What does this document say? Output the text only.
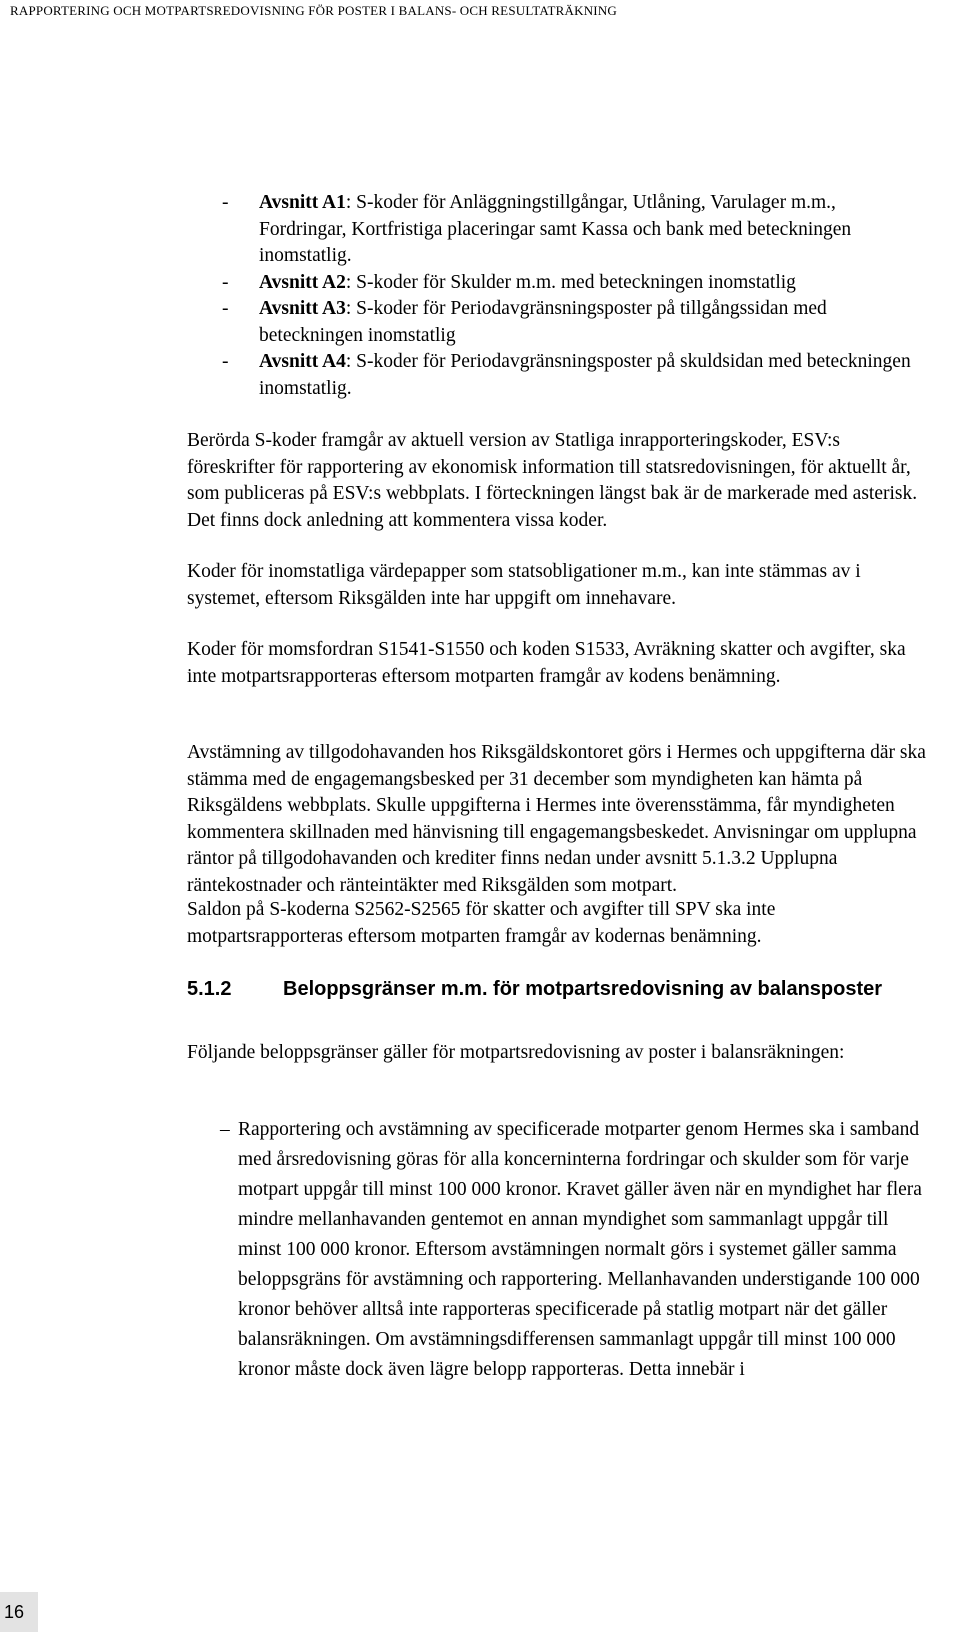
RAPPORTERING OCH MOTPARTSREDOVISNING FÖR POSTER I BALANS- OCH RESULTATRÄKNING

- Avsnitt A1: S-koder för Anläggningstillgångar, Utlåning, Varulager m.m., Fordringar, Kortfristiga placeringar samt Kassa och bank med beteckningen inomstatlig.

- Avsnitt A2: S-koder för Skulder m.m. med beteckningen inomstatlig

- Avsnitt A3: S-koder för Periodavgränsningsposter på tillgångssidan med beteckningen inomstatlig

- Avsnitt A4: S-koder för Periodavgränsningsposter på skuldsidan med beteckningen inomstatlig.

Berörda S-koder framgår av aktuell version av Statliga inrapporteringskoder, ESV:s föreskrifter för rapportering av ekonomisk information till statsredovisningen, för aktuellt år, som publiceras på ESV:s webbplats. I förteckningen längst bak är de markerade med asterisk. Det finns dock anledning att kommentera vissa koder.

Koder för inomstatliga värdepapper som statsobligationer m.m., kan inte stämmas av i systemet, eftersom Riksgälden inte har uppgift om innehavare.

Koder för momsfordran S1541-S1550 och koden S1533, Avräkning skatter och avgifter, ska inte motpartsrapporteras eftersom motparten framgår av kodens benämning.

Avstämning av tillgodohavanden hos Riksgäldskontoret görs i Hermes och uppgifterna där ska stämma med de engagemangsbesked per 31 december som myndigheten kan hämta på Riksgäldens webbplats. Skulle uppgifterna i Hermes inte överensstämma, får myndigheten kommentera skillnaden med hänvisning till engagemangsbeskedet. Anvisningar om upplupna räntor på tillgodohavanden och krediter finns nedan under avsnitt 5.1.3.2 Upplupna räntekostnader och ränteintäkter med Riksgälden som motpart.

Saldon på S-koderna S2562-S2565 för skatter och avgifter till SPV ska inte motpartsrapporteras eftersom motparten framgår av kodernas benämning.

5.1.2	Beloppsgränser m.m. för motpartsredovisning av balansposter

Följande beloppsgränser gäller för motpartsredovisning av poster i balansräkningen:

– Rapportering och avstämning av specificerade motparter genom Hermes ska i samband med årsredovisning göras för alla koncerninterna fordringar och skulder som för varje motpart uppgår till minst 100 000 kronor. Kravet gäller även när en myndighet har flera mindre mellanhavanden gentemot en annan myndighet som sammanlagt uppgår till minst 100 000 kronor. Eftersom avstämningen normalt görs i systemet gäller samma beloppsgräns för avstämning och rapportering. Mellanhavanden understigande 100 000 kronor behöver alltså inte rapporteras specificerade på statlig motpart när det gäller balansräkningen. Om avstämningsdifferensen sammanlagt uppgår till minst 100 000 kronor måste dock även lägre belopp rapporteras. Detta innebär i
16
